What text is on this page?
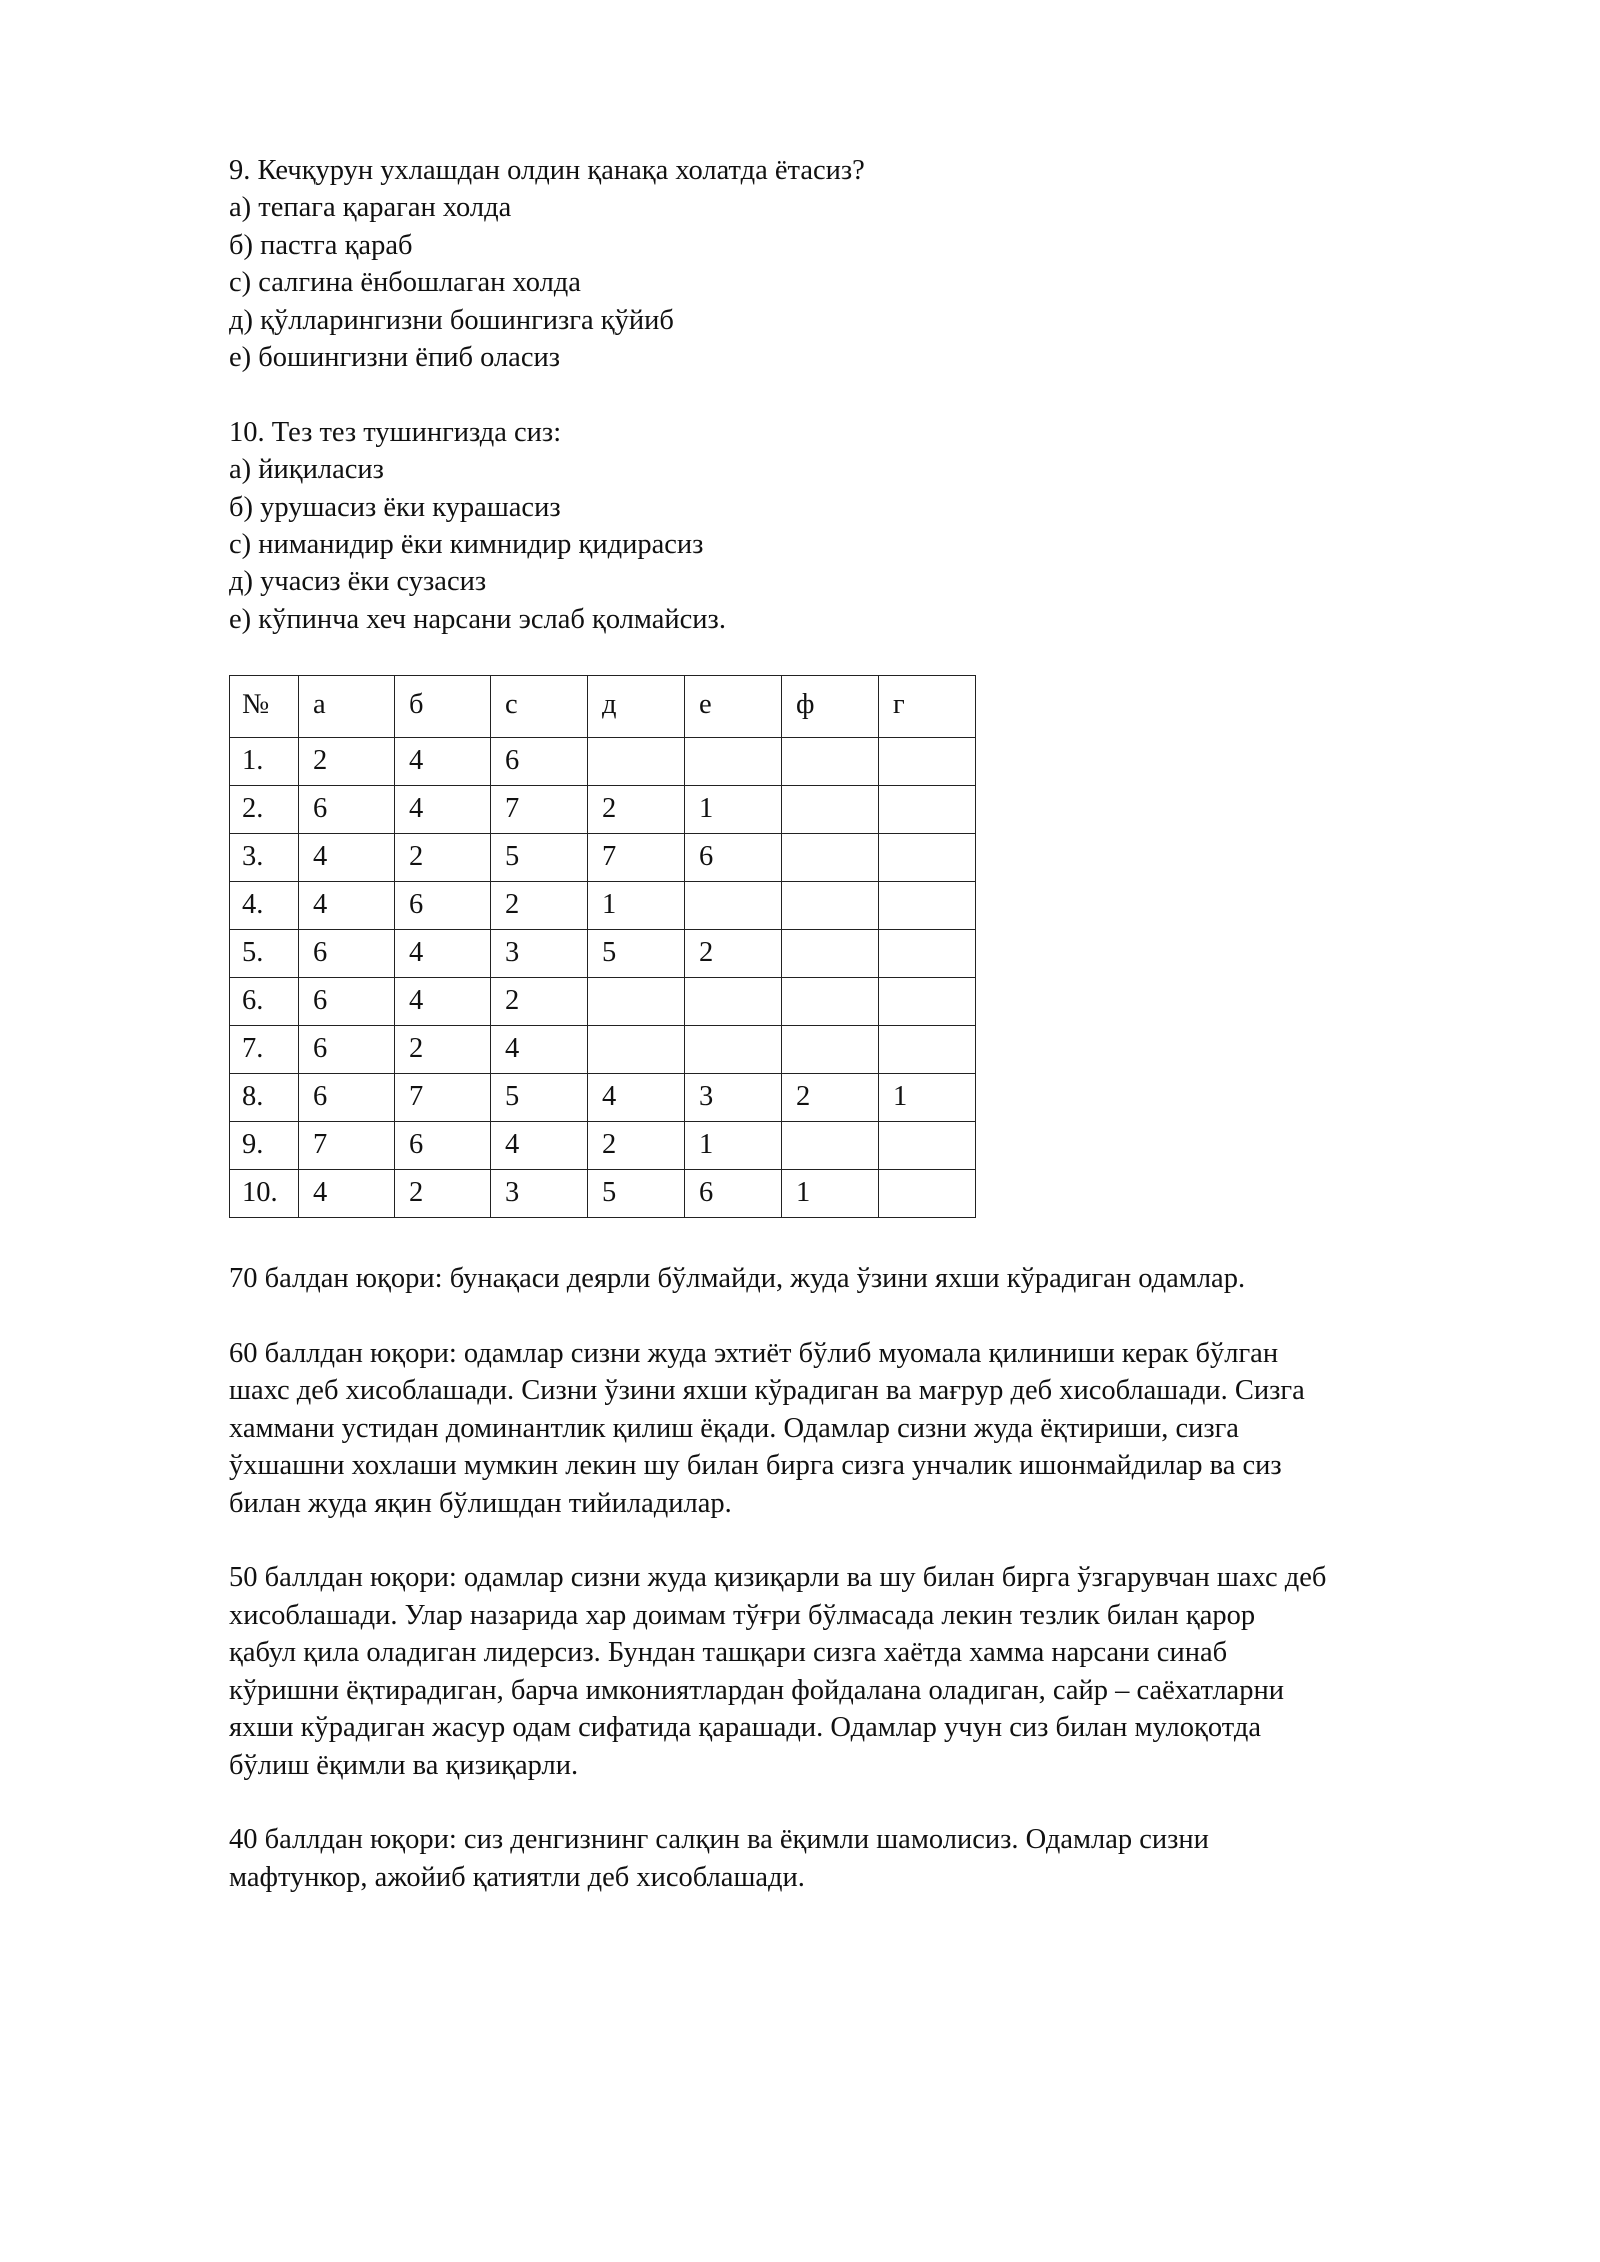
9. Кечқурун ухлашдан олдин қанақа холатда ётасиз?

а) тепага қараган холда

б) пастга қараб

с) салгина ёнбошлаган холда

д) қўлларингизни бошингизга қўйиб

е) бошингизни ёпиб оласиз

10. Тез тез тушингизда сиз:

а) йиқиласиз

б) урушасиз ёки курашасиз

с) ниманидир ёки кимнидир қидирасиз

д) учасиз ёки сузасиз

е) кўпинча хеч нарсани эслаб қолмайсиз.

№	а	б	с	д	е	ф	г
1.	2	4	6				
2.	6	4	7	2	1		
3.	4	2	5	7	6		
4.	4	6	2	1			
5.	6	4	3	5	2		
6.	6	4	2				
7.	6	2	4				
8.	6	7	5	4	3	2	1
9.	7	6	4	2	1		
10.	4	2	3	5	6	1	

70 балдан юқори: бунақаси деярли бўлмайди, жуда ўзини яхши кўрадиган одамлар.

60 баллдан юқори: одамлар сизни жуда эхтиёт бўлиб муомала қилиниши керак бўлган

шахс деб хисоблашади. Сизни ўзини яхши кўрадиган ва мағрур деб хисоблашади. Сизга

хаммани устидан доминантлик қилиш ёқади. Одамлар сизни жуда ёқтириши, сизга

ўхшашни хохлаши мумкин лекин шу билан бирга сизга унчалик ишонмайдилар ва сиз

билан жуда яқин бўлишдан тийиладилар.

50 баллдан юқори: одамлар сизни жуда қизиқарли ва шу билан бирга ўзгарувчан шахс деб

хисоблашади. Улар назарида хар доимам тўғри бўлмасада лекин тезлик билан қарор

қабул қила оладиган лидерсиз. Бундан ташқари сизга хаётда хамма нарсани синаб

кўришни ёқтирадиган, барча имкониятлардан фойдалана оладиган, сайр – саёхатларни

яхши кўрадиган жасур одам сифатида қарашади. Одамлар учун сиз билан мулоқотда

бўлиш ёқимли ва қизиқарли.

40 баллдан юқори: сиз денгизнинг салқин ва ёқимли шамолисиз. Одамлар сизни

мафтункор, ажойиб қатиятли деб хисоблашади.
